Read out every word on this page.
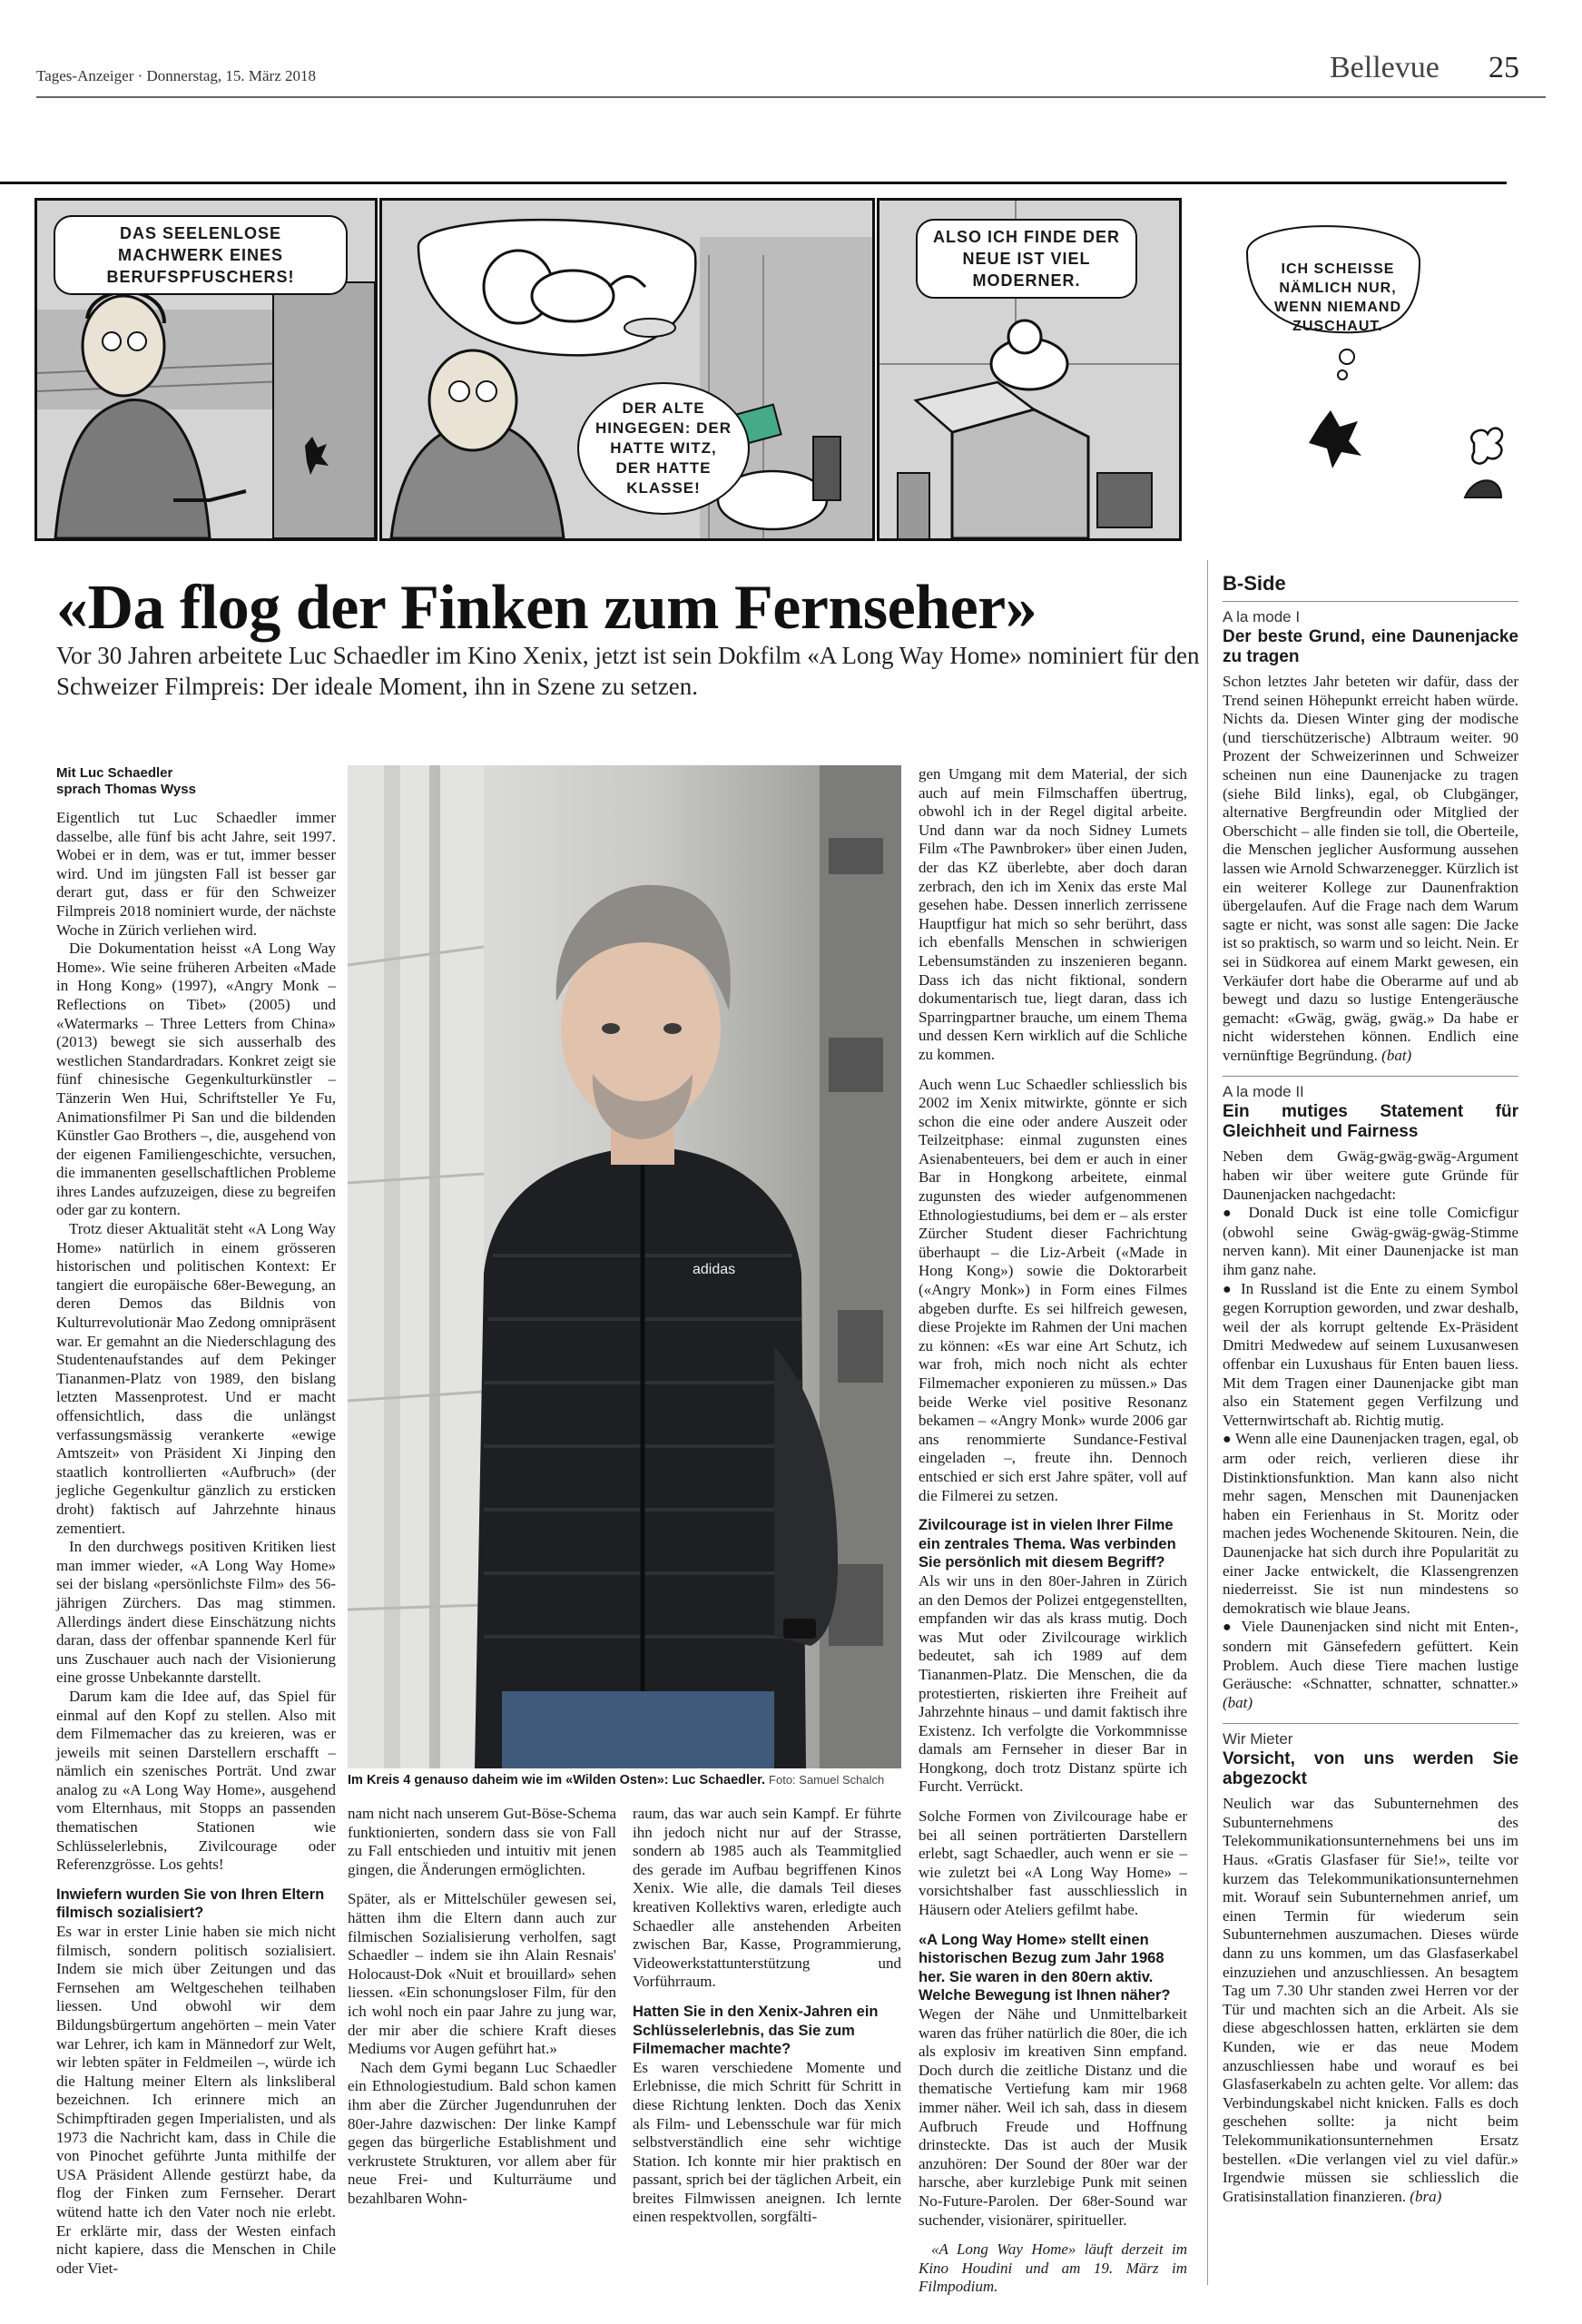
Tages-Anzeiger · Donnerstag, 15. März 2018	Bellevue 25
DAS SEELENLOSE MACHWERK EINES BERUFSPFUSCHERS!
DER ALTE HINGEGEN: DER HATTE WITZ, DER HATTE KLASSE!
ALSO ICH FINDE DER NEUE IST VIEL MODERNER.
ICH SCHEISSE NÄMLICH NUR, WENN NIEMAND ZUSCHAUT.
«Da flog der Finken zum Fernseher»
Vor 30 Jahren arbeitete Luc Schaedler im Kino Xenix, jetzt ist sein Dokfilm «A Long Way Home» nominiert für den Schweizer Filmpreis: Der ideale Moment, ihn in Szene zu setzen.

Mit Luc Schaedler

sprach Thomas Wyss

Eigentlich tut Luc Schaedler immer dasselbe, alle fünf bis acht Jahre, seit 1997. Wobei er in dem, was er tut, immer besser wird. Und im jüngsten Fall ist besser gar derart gut, dass er für den Schweizer Filmpreis 2018 nominiert wurde, der nächste Woche in Zürich verliehen wird.

Die Dokumentation heisst «A Long Way Home». Wie seine früheren Arbeiten «Made in Hong Kong» (1997), «Angry Monk – Reflections on Tibet» (2005) und «Watermarks – Three Letters from China» (2013) bewegt sie sich ausserhalb des westlichen Standardradars. Konkret zeigt sie fünf chinesische Gegenkulturkünstler – Tänzerin Wen Hui, Schriftsteller Ye Fu, Animationsfilmer Pi San und die bildenden Künstler Gao Brothers –, die, ausgehend von der eigenen Familiengeschichte, versuchen, die immanenten gesellschaftlichen Probleme ihres Landes aufzuzeigen, diese zu begreifen oder gar zu kontern.

Trotz dieser Aktualität steht «A Long Way Home» natürlich in einem grösseren historischen und politischen Kontext: Er tangiert die europäische 68er-Bewegung, an deren Demos das Bildnis von Kulturrevolutionär Mao Zedong omnipräsent war. Er gemahnt an die Niederschlagung des Studentenaufstandes auf dem Pekinger Tiananmen-Platz von 1989, den bislang letzten Massenprotest. Und er macht offensichtlich, dass die unlängst verfassungsmässig verankerte «ewige Amtszeit» von Präsident Xi Jinping den staatlich kontrollierten «Aufbruch» (der jegliche Gegenkultur gänzlich zu ersticken droht) faktisch auf Jahrzehnte hinaus zementiert.

In den durchwegs positiven Kritiken liest man immer wieder, «A Long Way Home» sei der bislang «persönlichste Film» des 56-jährigen Zürchers. Das mag stimmen. Allerdings ändert diese Einschätzung nichts daran, dass der offenbar spannende Kerl für uns Zuschauer auch nach der Visionierung eine grosse Unbekannte darstellt.

Darum kam die Idee auf, das Spiel für einmal auf den Kopf zu stellen. Also mit dem Filmemacher das zu kreieren, was er jeweils mit seinen Darstellern erschafft – nämlich ein szenisches Porträt. Und zwar analog zu «A Long Way Home», ausgehend vom Elternhaus, mit Stopps an passenden thematischen Stationen wie Schlüsselerlebnis, Zivilcourage oder Referenzgrösse. Los gehts!

Inwiefern wurden Sie von Ihren Eltern filmisch sozialisiert?

Es war in erster Linie haben sie mich nicht filmisch, sondern politisch sozialisiert. Indem sie mich über Zeitungen und das Fernsehen am Weltgeschehen teilhaben liessen. Und obwohl wir dem Bildungsbürgertum angehörten – mein Vater war Lehrer, ich kam in Männedorf zur Welt, wir lebten später in Feldmeilen –, würde ich die Haltung meiner Eltern als linksliberal bezeichnen. Ich erinnere mich an Schimpftiraden gegen Imperialisten, und als 1973 die Nachricht kam, dass in Chile die von Pinochet geführte Junta mithilfe der USA Präsident Allende gestürzt habe, da flog der Finken zum Fernseher. Derart wütend hatte ich den Vater noch nie erlebt. Er erklärte mir, dass der Westen einfach nicht kapiere, dass die Menschen in Chile oder Viet-

adidas
Im Kreis 4 genauso daheim wie im «Wilden Osten»: Luc Schaedler. Foto: Samuel Schalch

nam nicht nach unserem Gut-Böse-Schema funktionierten, sondern dass sie von Fall zu Fall entschieden und intuitiv mit jenen gingen, die Änderungen ermöglichten.

Später, als er Mittelschüler gewesen sei, hätten ihm die Eltern dann auch zur filmischen Sozialisierung verholfen, sagt Schaedler – indem sie ihn Alain Resnais' Holocaust-Dok «Nuit et brouillard» sehen liessen. «Ein schonungsloser Film, für den ich wohl noch ein paar Jahre zu jung war, der mir aber die schiere Kraft dieses Mediums vor Augen geführt hat.»

Nach dem Gymi begann Luc Schaedler ein Ethnologiestudium. Bald schon kamen ihm aber die Zürcher Jugendunruhen der 80er-Jahre dazwischen: Der linke Kampf gegen das bürgerliche Establishment und verkrustete Strukturen, vor allem aber für neue Frei- und Kulturräume und bezahlbaren Wohn-

raum, das war auch sein Kampf. Er führte ihn jedoch nicht nur auf der Strasse, sondern ab 1985 auch als Teammitglied des gerade im Aufbau begriffenen Kinos Xenix. Wie alle, die damals Teil dieses kreativen Kollektivs waren, erledigte auch Schaedler alle anstehenden Arbeiten zwischen Bar, Kasse, Programmierung, Videowerkstattunterstützung und Vorführraum.

Hatten Sie in den Xenix-Jahren ein Schlüsselerlebnis, das Sie zum Filmemacher machte?

Es waren verschiedene Momente und Erlebnisse, die mich Schritt für Schritt in diese Richtung lenkten. Doch das Xenix als Film- und Lebensschule war für mich selbstverständlich eine sehr wichtige Station. Ich konnte mir hier praktisch en passant, sprich bei der täglichen Arbeit, ein breites Filmwissen aneignen. Ich lernte einen respektvollen, sorgfälti-

gen Umgang mit dem Material, der sich auch auf mein Filmschaffen übertrug, obwohl ich in der Regel digital arbeite. Und dann war da noch Sidney Lumets Film «The Pawnbroker» über einen Juden, der das KZ überlebte, aber doch daran zerbrach, den ich im Xenix das erste Mal gesehen habe. Dessen innerlich zerrissene Hauptfigur hat mich so sehr berührt, dass ich ebenfalls Menschen in schwierigen Lebensumständen zu inszenieren begann. Dass ich das nicht fiktional, sondern dokumentarisch tue, liegt daran, dass ich Sparringpartner brauche, um einem Thema und dessen Kern wirklich auf die Schliche zu kommen.

Auch wenn Luc Schaedler schliesslich bis 2002 im Xenix mitwirkte, gönnte er sich schon die eine oder andere Auszeit oder Teilzeitphase: einmal zugunsten eines Asienabenteuers, bei dem er auch in einer Bar in Hongkong arbeitete, einmal zugunsten des wieder aufgenommenen Ethnologiestudiums, bei dem er – als erster Zürcher Student dieser Fachrichtung überhaupt – die Liz-Arbeit («Made in Hong Kong») sowie die Doktorarbeit («Angry Monk») in Form eines Filmes abgeben durfte. Es sei hilfreich gewesen, diese Projekte im Rahmen der Uni machen zu können: «Es war eine Art Schutz, ich war froh, mich noch nicht als echter Filmemacher exponieren zu müssen.» Das beide Werke viel positive Resonanz bekamen – «Angry Monk» wurde 2006 gar ans renommierte Sundance-Festival eingeladen –, freute ihn. Dennoch entschied er sich erst Jahre später, voll auf die Filmerei zu setzen.

Zivilcourage ist in vielen Ihrer Filme ein zentrales Thema. Was verbinden Sie persönlich mit diesem Begriff?

Als wir uns in den 80er-Jahren in Zürich an den Demos der Polizei entgegenstellten, empfanden wir das als krass mutig. Doch was Mut oder Zivilcourage wirklich bedeutet, sah ich 1989 auf dem Tiananmen-Platz. Die Menschen, die da protestierten, riskierten ihre Freiheit auf Jahrzehnte hinaus – und damit faktisch ihre Existenz. Ich verfolgte die Vorkommnisse damals am Fernseher in dieser Bar in Hongkong, doch trotz Distanz spürte ich Furcht. Verrückt.

Solche Formen von Zivilcourage habe er bei all seinen porträtierten Darstellern erlebt, sagt Schaedler, auch wenn er sie – wie zuletzt bei «A Long Way Home» – vorsichtshalber fast ausschliesslich in Häusern oder Ateliers gefilmt habe.

«A Long Way Home» stellt einen historischen Bezug zum Jahr 1968 her. Sie waren in den 80ern aktiv. Welche Bewegung ist Ihnen näher?

Wegen der Nähe und Unmittelbarkeit waren das früher natürlich die 80er, die ich als explosiv im kreativen Sinn empfand. Doch durch die zeitliche Distanz und die thematische Vertiefung kam mir 1968 immer näher. Weil ich sah, dass in diesem Aufbruch Freude und Hoffnung drinsteckte. Das ist auch der Musik anzuhören: Der Sound der 80er war der harsche, aber kurzlebige Punk mit seinen No-Future-Parolen. Der 68er-Sound war suchender, visionärer, spiritueller.

«A Long Way Home» läuft derzeit im Kino Houdini und am 19. März im Filmpodium.

B-Side
A la mode I
Der beste Grund, eine Daunenjacke zu tragen

Schon letztes Jahr beteten wir dafür, dass der Trend seinen Höhepunkt erreicht haben würde. Nichts da. Diesen Winter ging der modische (und tierschützerische) Albtraum weiter. 90 Prozent der Schweizerinnen und Schweizer scheinen nun eine Daunenjacke zu tragen (siehe Bild links), egal, ob Clubgänger, alternative Bergfreundin oder Mitglied der Oberschicht – alle finden sie toll, die Oberteile, die Menschen jeglicher Ausformung aussehen lassen wie Arnold Schwarzenegger. Kürzlich ist ein weiterer Kollege zur Daunenfraktion übergelaufen. Auf die Frage nach dem Warum sagte er nicht, was sonst alle sagen: Die Jacke ist so praktisch, so warm und so leicht. Nein. Er sei in Südkorea auf einem Markt gewesen, ein Verkäufer dort habe die Oberarme auf und ab bewegt und dazu so lustige Entengeräusche gemacht: «Gwäg, gwäg, gwäg.» Da habe er nicht widerstehen können. Endlich eine vernünftige Begründung. (bat)

A la mode II
Ein mutiges Statement für Gleichheit und Fairness

Neben dem Gwäg-gwäg-gwäg-Argument haben wir über weitere gute Gründe für Daunenjacken nachgedacht:

● Donald Duck ist eine tolle Comicfigur (obwohl seine Gwäg-gwäg-gwäg-Stimme nerven kann). Mit einer Daunenjacke ist man ihm ganz nahe.

● In Russland ist die Ente zu einem Symbol gegen Korruption geworden, und zwar deshalb, weil der als korrupt geltende Ex-Präsident Dmitri Medwedew auf seinem Luxusanwesen offenbar ein Luxushaus für Enten bauen liess. Mit dem Tragen einer Daunenjacke gibt man also ein Statement gegen Verfilzung und Vetternwirtschaft ab. Richtig mutig.

● Wenn alle eine Daunenjacken tragen, egal, ob arm oder reich, verlieren diese ihr Distinktionsfunktion. Man kann also nicht mehr sagen, Menschen mit Daunenjacken haben ein Ferienhaus in St. Moritz oder machen jedes Wochenende Skitouren. Nein, die Daunenjacke hat sich durch ihre Popularität zu einer Jacke entwickelt, die Klassengrenzen niederreisst. Sie ist nun mindestens so demokratisch wie blaue Jeans.

● Viele Daunenjacken sind nicht mit Enten-, sondern mit Gänsefedern gefüttert. Kein Problem. Auch diese Tiere machen lustige Geräusche: «Schnatter, schnatter, schnatter.» (bat)

Wir Mieter
Vorsicht, von uns werden Sie abgezockt

Neulich war das Subunternehmen des Subunternehmens des Telekommunikationsunternehmens bei uns im Haus. «Gratis Glasfaser für Sie!», teilte vor kurzem das Telekommunikationsunternehmen mit. Worauf sein Subunternehmen anrief, um einen Termin für wiederum sein Subunternehmen auszumachen. Dieses würde dann zu uns kommen, um das Glasfaserkabel einzuziehen und anzuschliessen. An besagtem Tag um 7.30 Uhr standen zwei Herren vor der Tür und machten sich an die Arbeit. Als sie diese abgeschlossen hatten, erklärten sie dem Kunden, wie er das neue Modem anzuschliessen habe und worauf es bei Glasfaserkabeln zu achten gelte. Vor allem: das Verbindungskabel nicht knicken. Falls es doch geschehen sollte: ja nicht beim Telekommunikationsunternehmen Ersatz bestellen. «Die verlangen viel zu viel dafür.» Irgendwie müssen sie schliesslich die Gratisinstallation finanzieren. (bra)
